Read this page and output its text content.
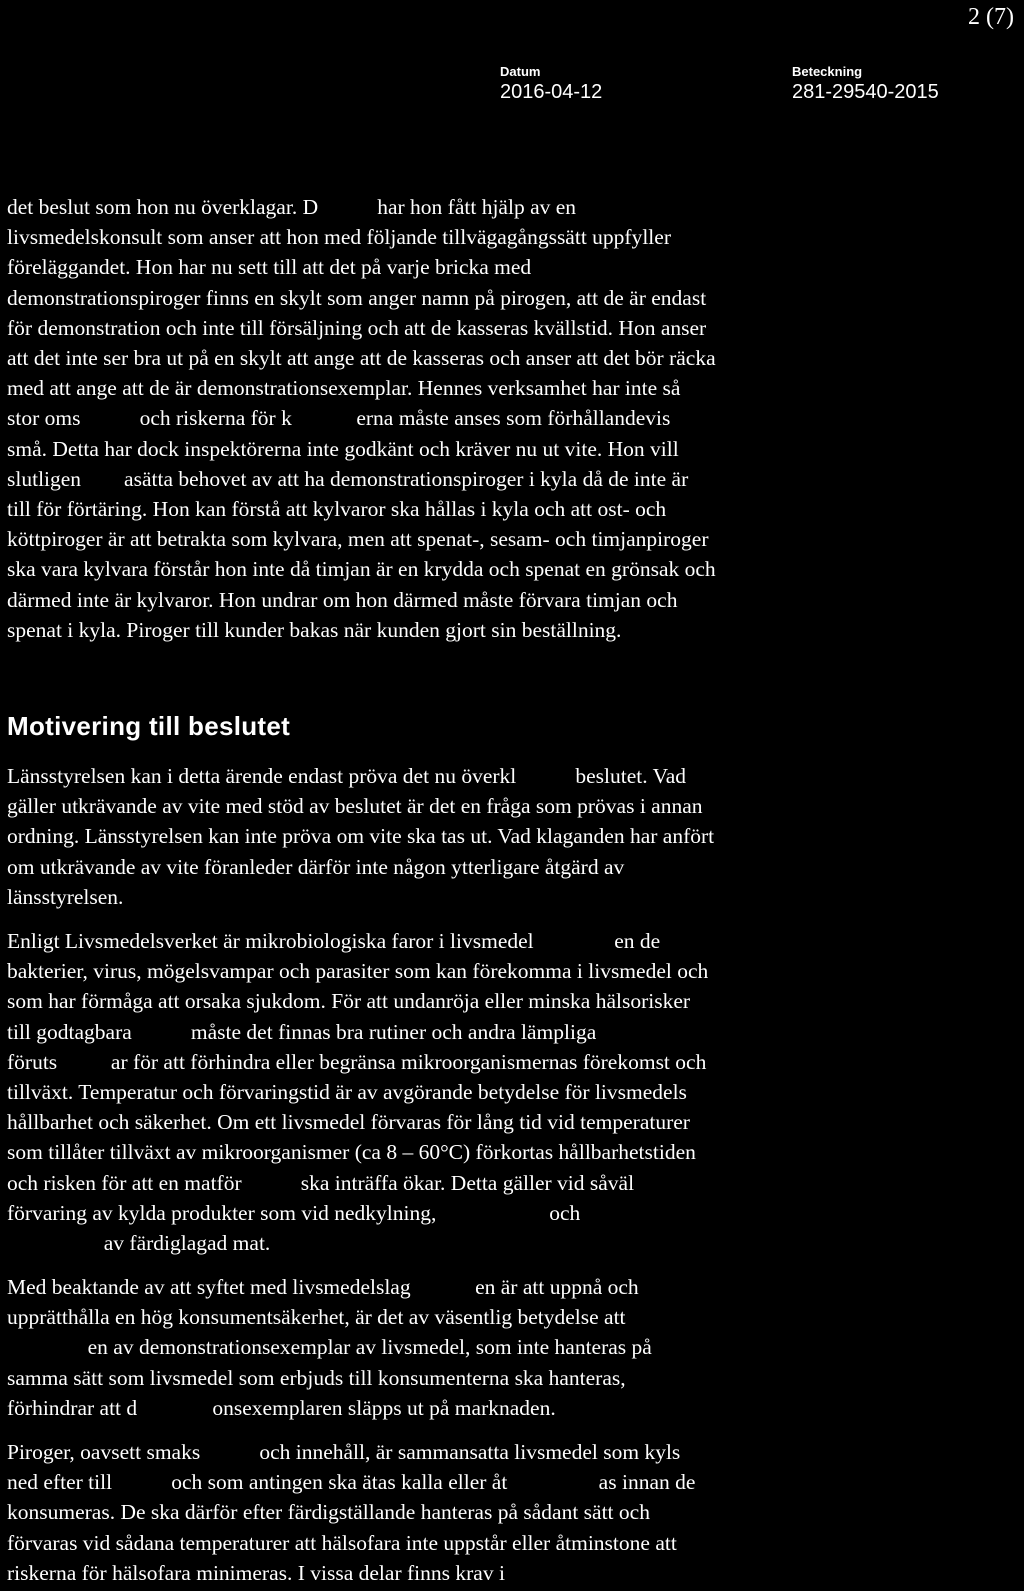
2 (7)
Datum
2016-04-12
Beteckning
281-29540-2015

det beslut som hon nu överklagar. D           har hon fått hjälp av en
livsmedelskonsult som anser att hon med följande tillvägagångssätt uppfyller
föreläggandet. Hon har nu sett till att det på varje bricka med
demonstrationspiroger finns en skylt som anger namn på pirogen, att de är endast
för demonstration och inte till försäljning och att de kasseras kvällstid. Hon anser
att det inte ser bra ut på en skylt att ange att de kasseras och anser att det bör räcka
med att ange att de är demonstrationsexemplar. Hennes verksamhet har inte så
stor oms           och riskerna för k            erna måste anses som förhållandevis
små. Detta har dock inspektörerna inte godkänt och kräver nu ut vite. Hon vill
slutligen        asätta behovet av att ha demonstrationspiroger i kyla då de inte är
till för förtäring. Hon kan förstå att kylvaror ska hållas i kyla och att ost- och
köttpiroger är att betrakta som kylvara, men att spenat-, sesam- och timjanpiroger
ska vara kylvara förstår hon inte då timjan är en krydda och spenat en grönsak och
därmed inte är kylvaror. Hon undrar om hon därmed måste förvara timjan och
spenat i kyla. Piroger till kunder bakas när kunden gjort sin beställning.

Motivering till beslutet

Länsstyrelsen kan i detta ärende endast pröva det nu överkl           beslutet. Vad
gäller utkrävande av vite med stöd av beslutet är det en fråga som prövas i annan
ordning. Länsstyrelsen kan inte pröva om vite ska tas ut. Vad klaganden har anfört
om utkrävande av vite föranleder därför inte någon ytterligare åtgärd av
länsstyrelsen.

Enligt Livsmedelsverket är mikrobiologiska faror i livsmedel               en de
bakterier, virus, mögelsvampar och parasiter som kan förekomma i livsmedel och
som har förmåga att orsaka sjukdom. För att undanröja eller minska hälsorisker
till godtagbara           måste det finnas bra rutiner och andra lämpliga
föruts          ar för att förhindra eller begränsa mikroorganismernas förekomst och
tillväxt. Temperatur och förvaringstid är av avgörande betydelse för livsmedels
hållbarhet och säkerhet. Om ett livsmedel förvaras för lång tid vid temperaturer
som tillåter tillväxt av mikroorganismer (ca 8 – 60°C) förkortas hållbarhetstiden
och risken för att en matför           ska inträffa ökar. Detta gäller vid såväl
förvaring av kylda produkter som vid nedkylning,                     och
av färdiglagad mat.

Med beaktande av att syftet med livsmedelslag            en är att uppnå och
upprätthålla en hög konsumentsäkerhet, är det av väsentlig betydelse att
en av demonstrationsexemplar av livsmedel, som inte hanteras på
samma sätt som livsmedel som erbjuds till konsumenterna ska hanteras,
förhindrar att d              onsexemplaren släpps ut på marknaden.

Piroger, oavsett smaks           och innehåll, är sammansatta livsmedel som kyls
ned efter till           och som antingen ska ätas kalla eller åt                 as innan de
konsumeras. De ska därför efter färdigställande hanteras på sådant sätt och
förvaras vid sådana temperaturer att hälsofara inte uppstår eller åtminstone att
riskerna för hälsofara minimeras. I vissa delar finns krav i
